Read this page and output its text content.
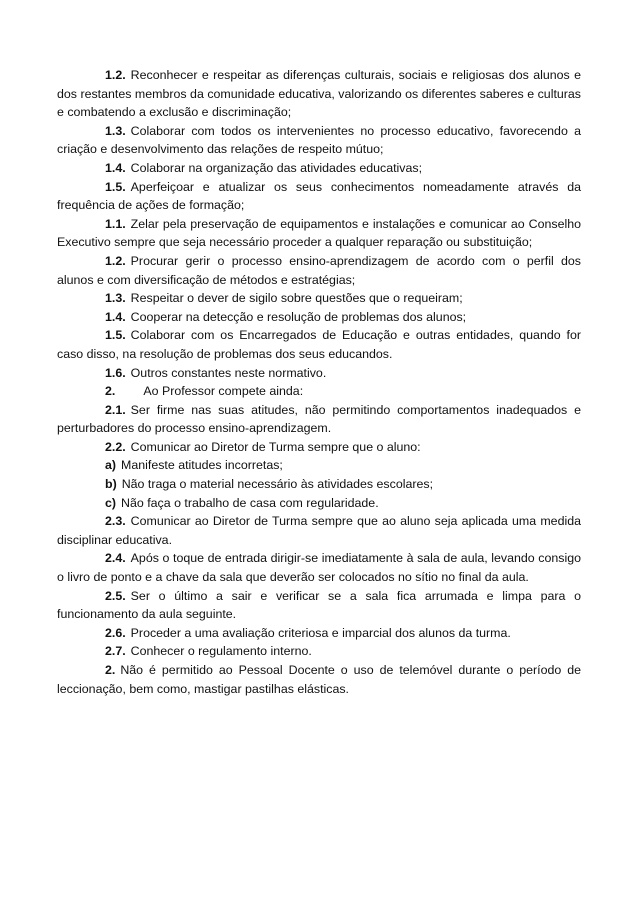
1.2. Reconhecer e respeitar as diferenças culturais, sociais e religiosas dos alunos e dos restantes membros da comunidade educativa, valorizando os diferentes saberes e culturas e combatendo a exclusão e discriminação;

1.3. Colaborar com todos os intervenientes no processo educativo, favorecendo a criação e desenvolvimento das relações de respeito mútuo;

1.4. Colaborar na organização das atividades educativas;

1.5. Aperfeiçoar e atualizar os seus conhecimentos nomeadamente através da frequência de ações de formação;

1.1. Zelar pela preservação de equipamentos e instalações e comunicar ao Conselho Executivo sempre que seja necessário proceder a qualquer reparação ou substituição;

1.2. Procurar gerir o processo ensino-aprendizagem de acordo com o perfil dos alunos e com diversificação de métodos e estratégias;

1.3. Respeitar o dever de sigilo sobre questões que o requeiram;

1.4. Cooperar na detecção e resolução de problemas dos alunos;

1.5. Colaborar com os Encarregados de Educação e outras entidades, quando for caso disso, na resolução de problemas dos seus educandos.

1.6. Outros constantes neste normativo.

2. Ao Professor compete ainda:

2.1. Ser firme nas suas atitudes, não permitindo comportamentos inadequados e perturbadores do processo ensino-aprendizagem.

2.2. Comunicar ao Diretor de Turma sempre que o aluno:

a) Manifeste atitudes incorretas;

b) Não traga o material necessário às atividades escolares;

c) Não faça o trabalho de casa com regularidade.

2.3. Comunicar ao Diretor de Turma sempre que ao aluno seja aplicada uma medida disciplinar educativa.

2.4. Após o toque de entrada dirigir-se imediatamente à sala de aula, levando consigo o livro de ponto e a chave da sala que deverão ser colocados no sítio no final da aula.

2.5. Ser o último a sair e verificar se a sala fica arrumada e limpa para o funcionamento da aula seguinte.

2.6. Proceder a uma avaliação criteriosa e imparcial dos alunos da turma.

2.7. Conhecer o regulamento interno.

2. Não é permitido ao Pessoal Docente o uso de telemóvel durante o período de leccionação, bem como, mastigar pastilhas elásticas.
